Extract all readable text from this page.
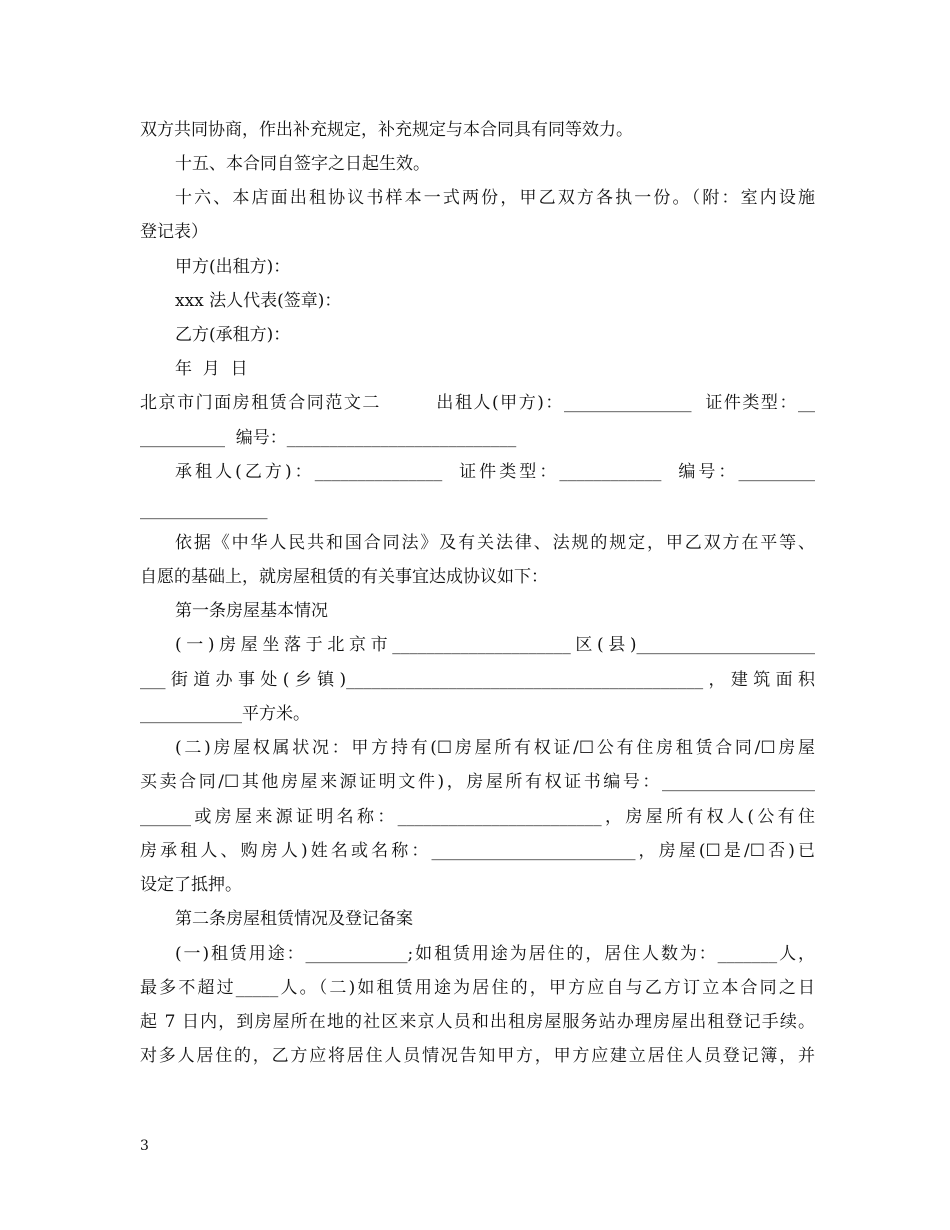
双方共同协商，作出补充规定，补充规定与本合同具有同等效力。
十五、本合同自签字之日起生效。
十六、本店面出租协议书样本一式两份，甲乙双方各执一份。（附：室内设施
登记表）
甲方(出租方)：
xxx 法人代表(签章)：
乙方(承租方)：
年  月  日
北京市门面房租赁合同范文二        出租人(甲方)：_______________  证件类型：__
__________  编号：___________________________
承租人(乙方)：_______________  证件类型：____________  编号：_________
_______________
依据《中华人民共和国合同法》及有关法律、法规的规定，甲乙双方在平等、
自愿的基础上，就房屋租赁的有关事宜达成协议如下：
第一条房屋基本情况
(一)房屋坐落于北京市_____________________区(县)_____________________
___街道办事处(乡镇)__________________________________________，建筑面积
____________平方米。
(二)房屋权属状况：甲方持有(☐房屋所有权证/☐公有住房租赁合同/☐房屋
买卖合同/☐其他房屋来源证明文件)，房屋所有权证书编号：__________________
______或房屋来源证明名称：________________________，房屋所有权人(公有住
房承租人、购房人)姓名或名称：________________________，房屋(☐是/☐否)已
设定了抵押。
第二条房屋租赁情况及登记备案
(一)租赁用途：____________;如租赁用途为居住的，居住人数为：_______人，
最多不超过_____人。（二)如租赁用途为居住的，甲方应自与乙方订立本合同之日
起 7 日内，到房屋所在地的社区来京人员和出租房屋服务站办理房屋出租登记手续。
对多人居住的，乙方应将居住人员情况告知甲方，甲方应建立居住人员登记簿，并
3
